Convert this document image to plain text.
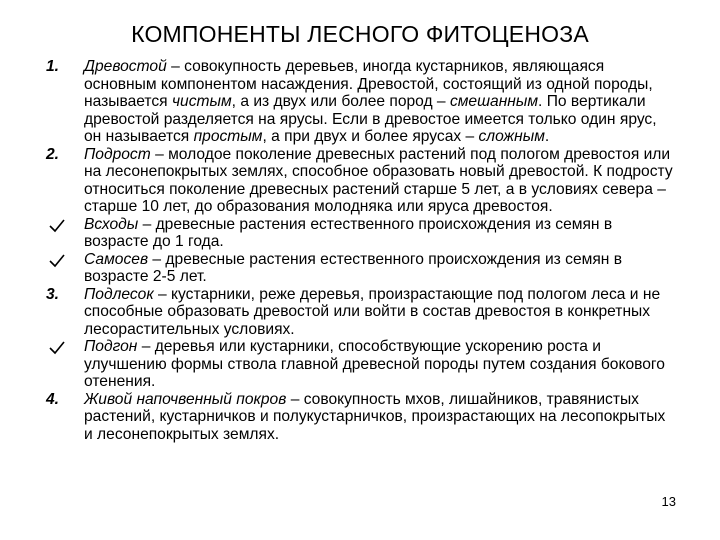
КОМПОНЕНТЫ ЛЕСНОГО ФИТОЦЕНОЗА
1.	Древостой – совокупность деревьев, иногда кустарников, являющаяся основным компонентом насаждения. Древостой, состоящий из одной породы, называется чистым, а из двух или более пород – смешанным. По вертикали древостой разделяется на ярусы. Если в древостое имеется только один ярус, он называется простым, а при двух и более ярусах – сложным.
2.	Подрост – молодое поколение древесных растений под пологом древостоя или на лесонепокрытых землях, способное образовать новый древостой. К подросту относиться поколение древесных растений старше 5 лет, а в условиях севера – старше 10 лет, до образования молодняка или яруса древостоя.
Всходы – древесные растения естественного происхождения из семян в возрасте до 1 года.
Самосев – древесные растения естественного происхождения из семян в возрасте 2-5 лет.
3.	Подлесок – кустарники, реже деревья, произрастающие под пологом леса и не способные образовать древостой или войти в состав древостоя в конкретных лесорастительных условиях.
Подгон – деревья или кустарники, способствующие ускорению роста и улучшению формы ствола главной древесной породы путем создания бокового отенения.
4.	Живой напочвенный покров – совокупность мхов, лишайников, травянистых растений, кустарничков и полукустарничков, произрастающих на лесопокрытых и лесонепокрытых землях.
13
